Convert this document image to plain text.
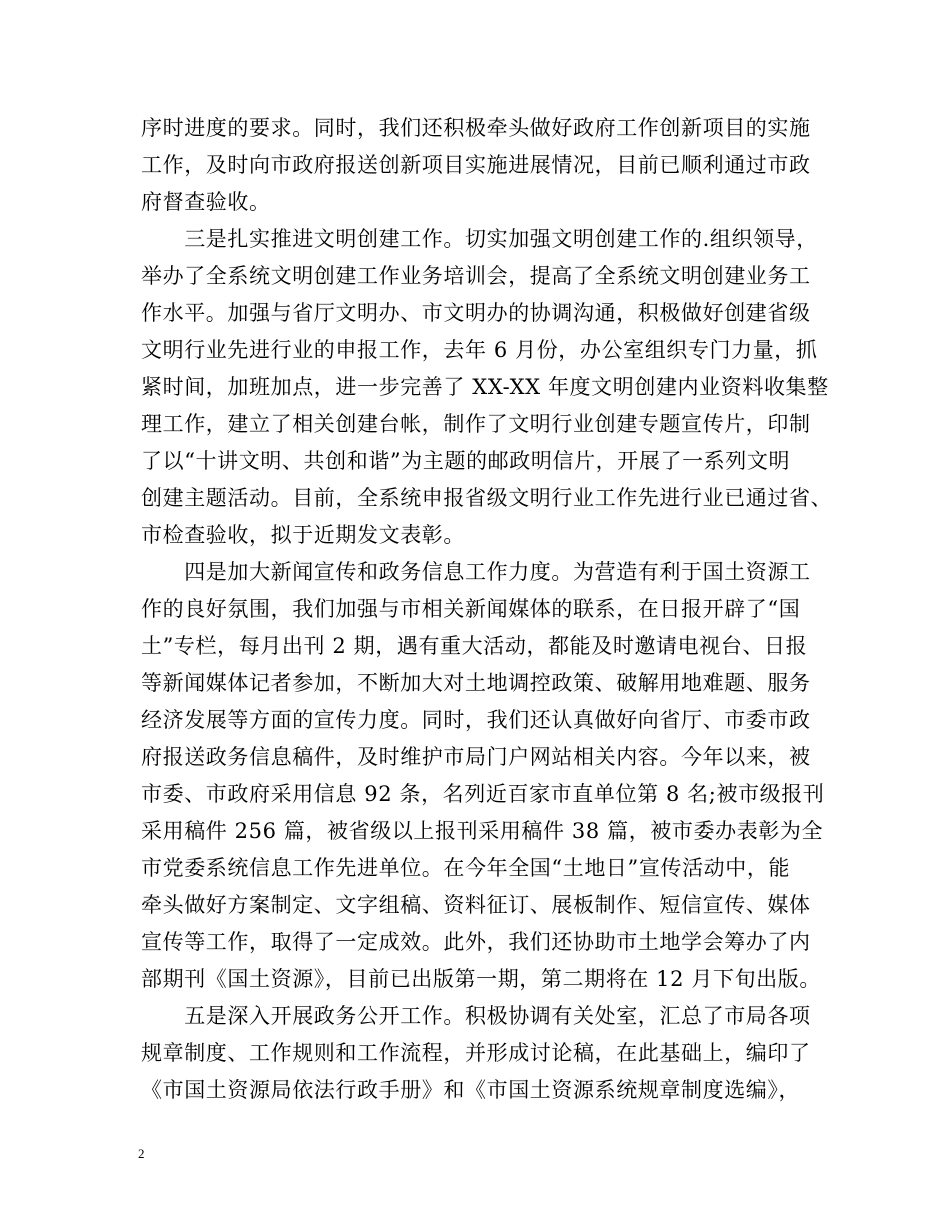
序时进度的要求。同时，我们还积极牵头做好政府工作创新项目的实施
工作，及时向市政府报送创新项目实施进展情况，目前已顺利通过市政
府督查验收。
　　三是扎实推进文明创建工作。切实加强文明创建工作的.组织领导，
举办了全系统文明创建工作业务培训会，提高了全系统文明创建业务工
作水平。加强与省厅文明办、市文明办的协调沟通，积极做好创建省级
文明行业先进行业的申报工作，去年 6 月份，办公室组织专门力量，抓
紧时间，加班加点，进一步完善了 XX-XX 年度文明创建内业资料收集整
理工作，建立了相关创建台帐，制作了文明行业创建专题宣传片，印制
了以“十讲文明、共创和谐”为主题的邮政明信片，开展了一系列文明
创建主题活动。目前，全系统申报省级文明行业工作先进行业已通过省、
市检查验收，拟于近期发文表彰。
　　四是加大新闻宣传和政务信息工作力度。为营造有利于国土资源工
作的良好氛围，我们加强与市相关新闻媒体的联系，在日报开辟了“国
土”专栏，每月出刊 2 期，遇有重大活动，都能及时邀请电视台、日报
等新闻媒体记者参加，不断加大对土地调控政策、破解用地难题、服务
经济发展等方面的宣传力度。同时，我们还认真做好向省厅、市委市政
府报送政务信息稿件，及时维护市局门户网站相关内容。今年以来，被
市委、市政府采用信息 92 条，名列近百家市直单位第 8 名;被市级报刊
采用稿件 256 篇，被省级以上报刊采用稿件 38 篇，被市委办表彰为全
市党委系统信息工作先进单位。在今年全国“土地日”宣传活动中，能
牵头做好方案制定、文字组稿、资料征订、展板制作、短信宣传、媒体
宣传等工作，取得了一定成效。此外，我们还协助市土地学会筹办了内
部期刊《国土资源》，目前已出版第一期，第二期将在 12 月下旬出版。
　　五是深入开展政务公开工作。积极协调有关处室，汇总了市局各项
规章制度、工作规则和工作流程，并形成讨论稿，在此基础上，编印了
《市国土资源局依法行政手册》和《市国土资源系统规章制度选编》，
2
